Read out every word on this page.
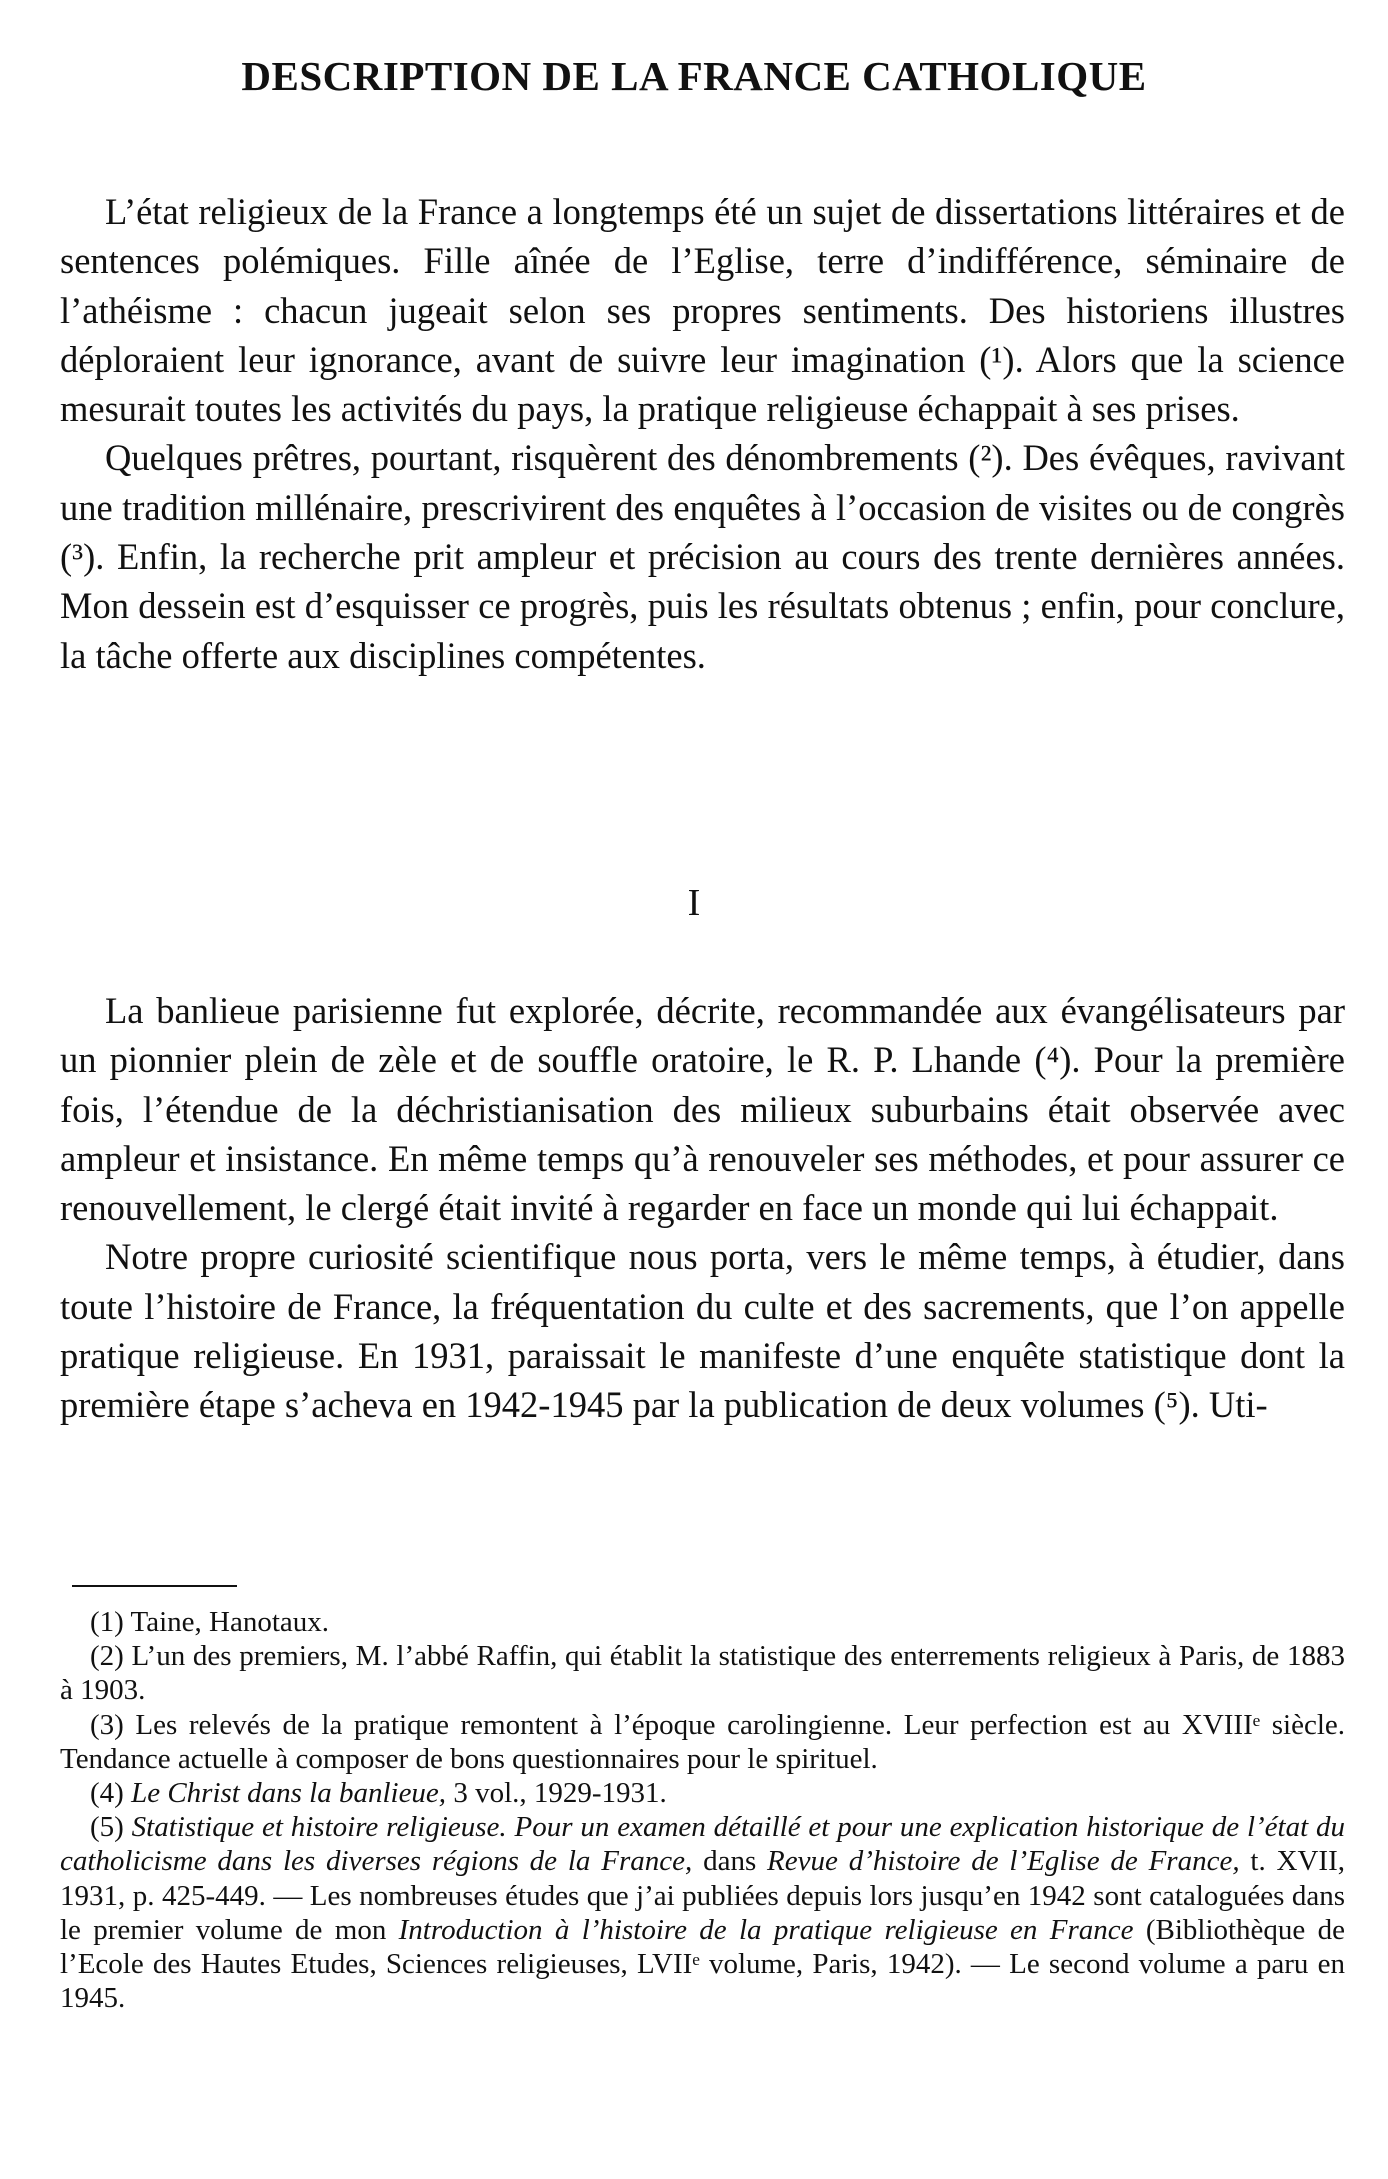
DESCRIPTION DE LA FRANCE CATHOLIQUE

L’état religieux de la France a longtemps été un sujet de dissertations littéraires et de sentences polémiques. Fille aînée de l’Eglise, terre d’indifférence, séminaire de l’athéisme : chacun jugeait selon ses propres sentiments. Des historiens illustres déploraient leur ignorance, avant de suivre leur imagination (¹). Alors que la science mesurait toutes les activités du pays, la pratique religieuse échappait à ses prises.

Quelques prêtres, pourtant, risquèrent des dénombrements (²). Des évêques, ravivant une tradition millénaire, prescrivirent des enquêtes à l’occasion de visites ou de congrès (³). Enfin, la recherche prit ampleur et précision au cours des trente dernières années. Mon dessein est d’esquisser ce progrès, puis les résultats obtenus ; enfin, pour conclure, la tâche offerte aux disciplines compétentes.

I

La banlieue parisienne fut explorée, décrite, recommandée aux évangélisateurs par un pionnier plein de zèle et de souffle oratoire, le R. P. Lhande (⁴). Pour la première fois, l’étendue de la déchristianisation des milieux suburbains était observée avec ampleur et insistance. En même temps qu’à renouveler ses méthodes, et pour assurer ce renouvellement, le clergé était invité à regarder en face un monde qui lui échappait.

Notre propre curiosité scientifique nous porta, vers le même temps, à étudier, dans toute l’histoire de France, la fréquentation du culte et des sacrements, que l’on appelle pratique religieuse. En 1931, paraissait le manifeste d’une enquête statistique dont la première étape s’acheva en 1942-1945 par la publication de deux volumes (⁵). Uti-

(1) Taine, Hanotaux.

(2) L’un des premiers, M. l’abbé Raffin, qui établit la statistique des enterrements religieux à Paris, de 1883 à 1903.

(3) Les relevés de la pratique remontent à l’époque carolingienne. Leur perfection est au XVIIIᵉ siècle. Tendance actuelle à composer de bons questionnaires pour le spirituel.

(4) Le Christ dans la banlieue, 3 vol., 1929-1931.

(5) Statistique et histoire religieuse. Pour un examen détaillé et pour une explication historique de l’état du catholicisme dans les diverses régions de la France, dans Revue d’histoire de l’Eglise de France, t. XVII, 1931, p. 425-449. — Les nombreuses études que j’ai publiées depuis lors jusqu’en 1942 sont cataloguées dans le premier volume de mon Introduction à l’histoire de la pratique religieuse en France (Bibliothèque de l’Ecole des Hautes Etudes, Sciences religieuses, LVIIᵉ volume, Paris, 1942). — Le second volume a paru en 1945.
